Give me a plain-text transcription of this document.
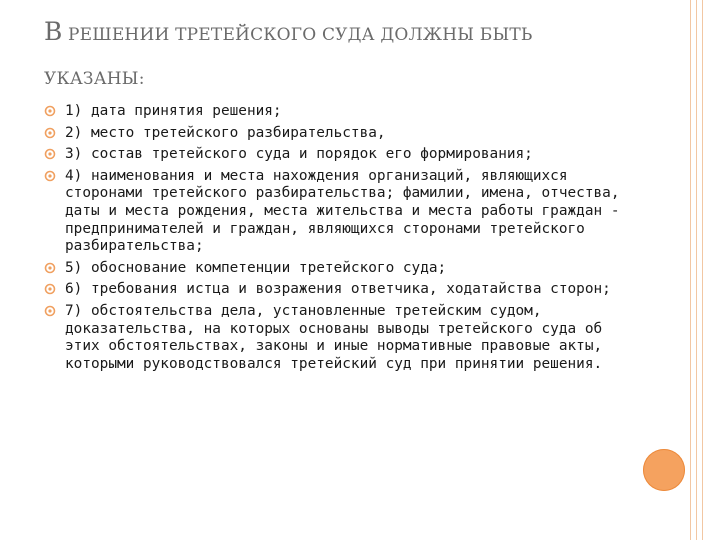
В РЕШЕНИИ ТРЕТЕЙСКОГО СУДА ДОЛЖНЫ БЫТЬ
УКАЗАНЫ:
1) дата принятия решения;
2) место третейского разбирательства,
3) состав третейского суда и порядок его формирования;
4) наименования и места нахождения организаций, являющихся сторонами третейского разбирательства; фамилии, имена, отчества, даты и места рождения, места жительства и места работы граждан - предпринимателей и граждан, являющихся сторонами третейского разбирательства;
5) обоснование компетенции третейского суда;
6) требования истца и возражения ответчика, ходатайства сторон;
7) обстоятельства дела, установленные третейским судом, доказательства, на которых основаны выводы третейского суда об этих обстоятельствах, законы и иные нормативные правовые акты, которыми руководствовался третейский суд при принятии решения.
